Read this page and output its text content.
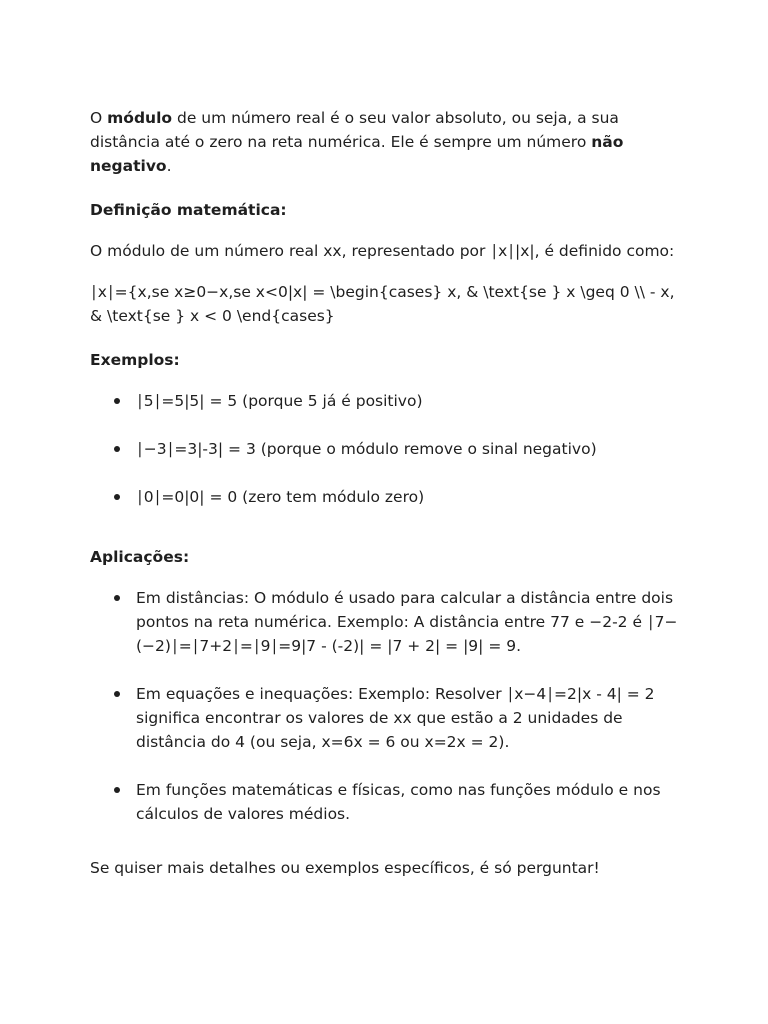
O módulo de um número real é o seu valor absoluto, ou seja, a sua distância até o zero na reta numérica. Ele é sempre um número não negativo.

Definição matemática:

O módulo de um número real xx, representado por ∣x∣|x|, é definido como:

∣x∣={x,se x≥0−x,se x<0|x| = \begin{cases} x, & \text{se } x \geq 0 \\ - x, & \text{se } x < 0 \end{cases}

Exemplos:

∣5∣=5|5| = 5 (porque 5 já é positivo)
∣−3∣=3|-3| = 3 (porque o módulo remove o sinal negativo)
∣0∣=0|0| = 0 (zero tem módulo zero)

Aplicações:

Em distâncias: O módulo é usado para calcular a distância entre dois pontos na reta numérica. Exemplo: A distância entre 77 e −2-2 é ∣7−(−2)∣=∣7+2∣=∣9∣=9|7 - (-2)| = |7 + 2| = |9| = 9.
Em equações e inequações: Exemplo: Resolver ∣x−4∣=2|x - 4| = 2 significa encontrar os valores de xx que estão a 2 unidades de distância do 4 (ou seja, x=6x = 6 ou x=2x = 2).
Em funções matemáticas e físicas, como nas funções módulo e nos cálculos de valores médios.

Se quiser mais detalhes ou exemplos específicos, é só perguntar!
